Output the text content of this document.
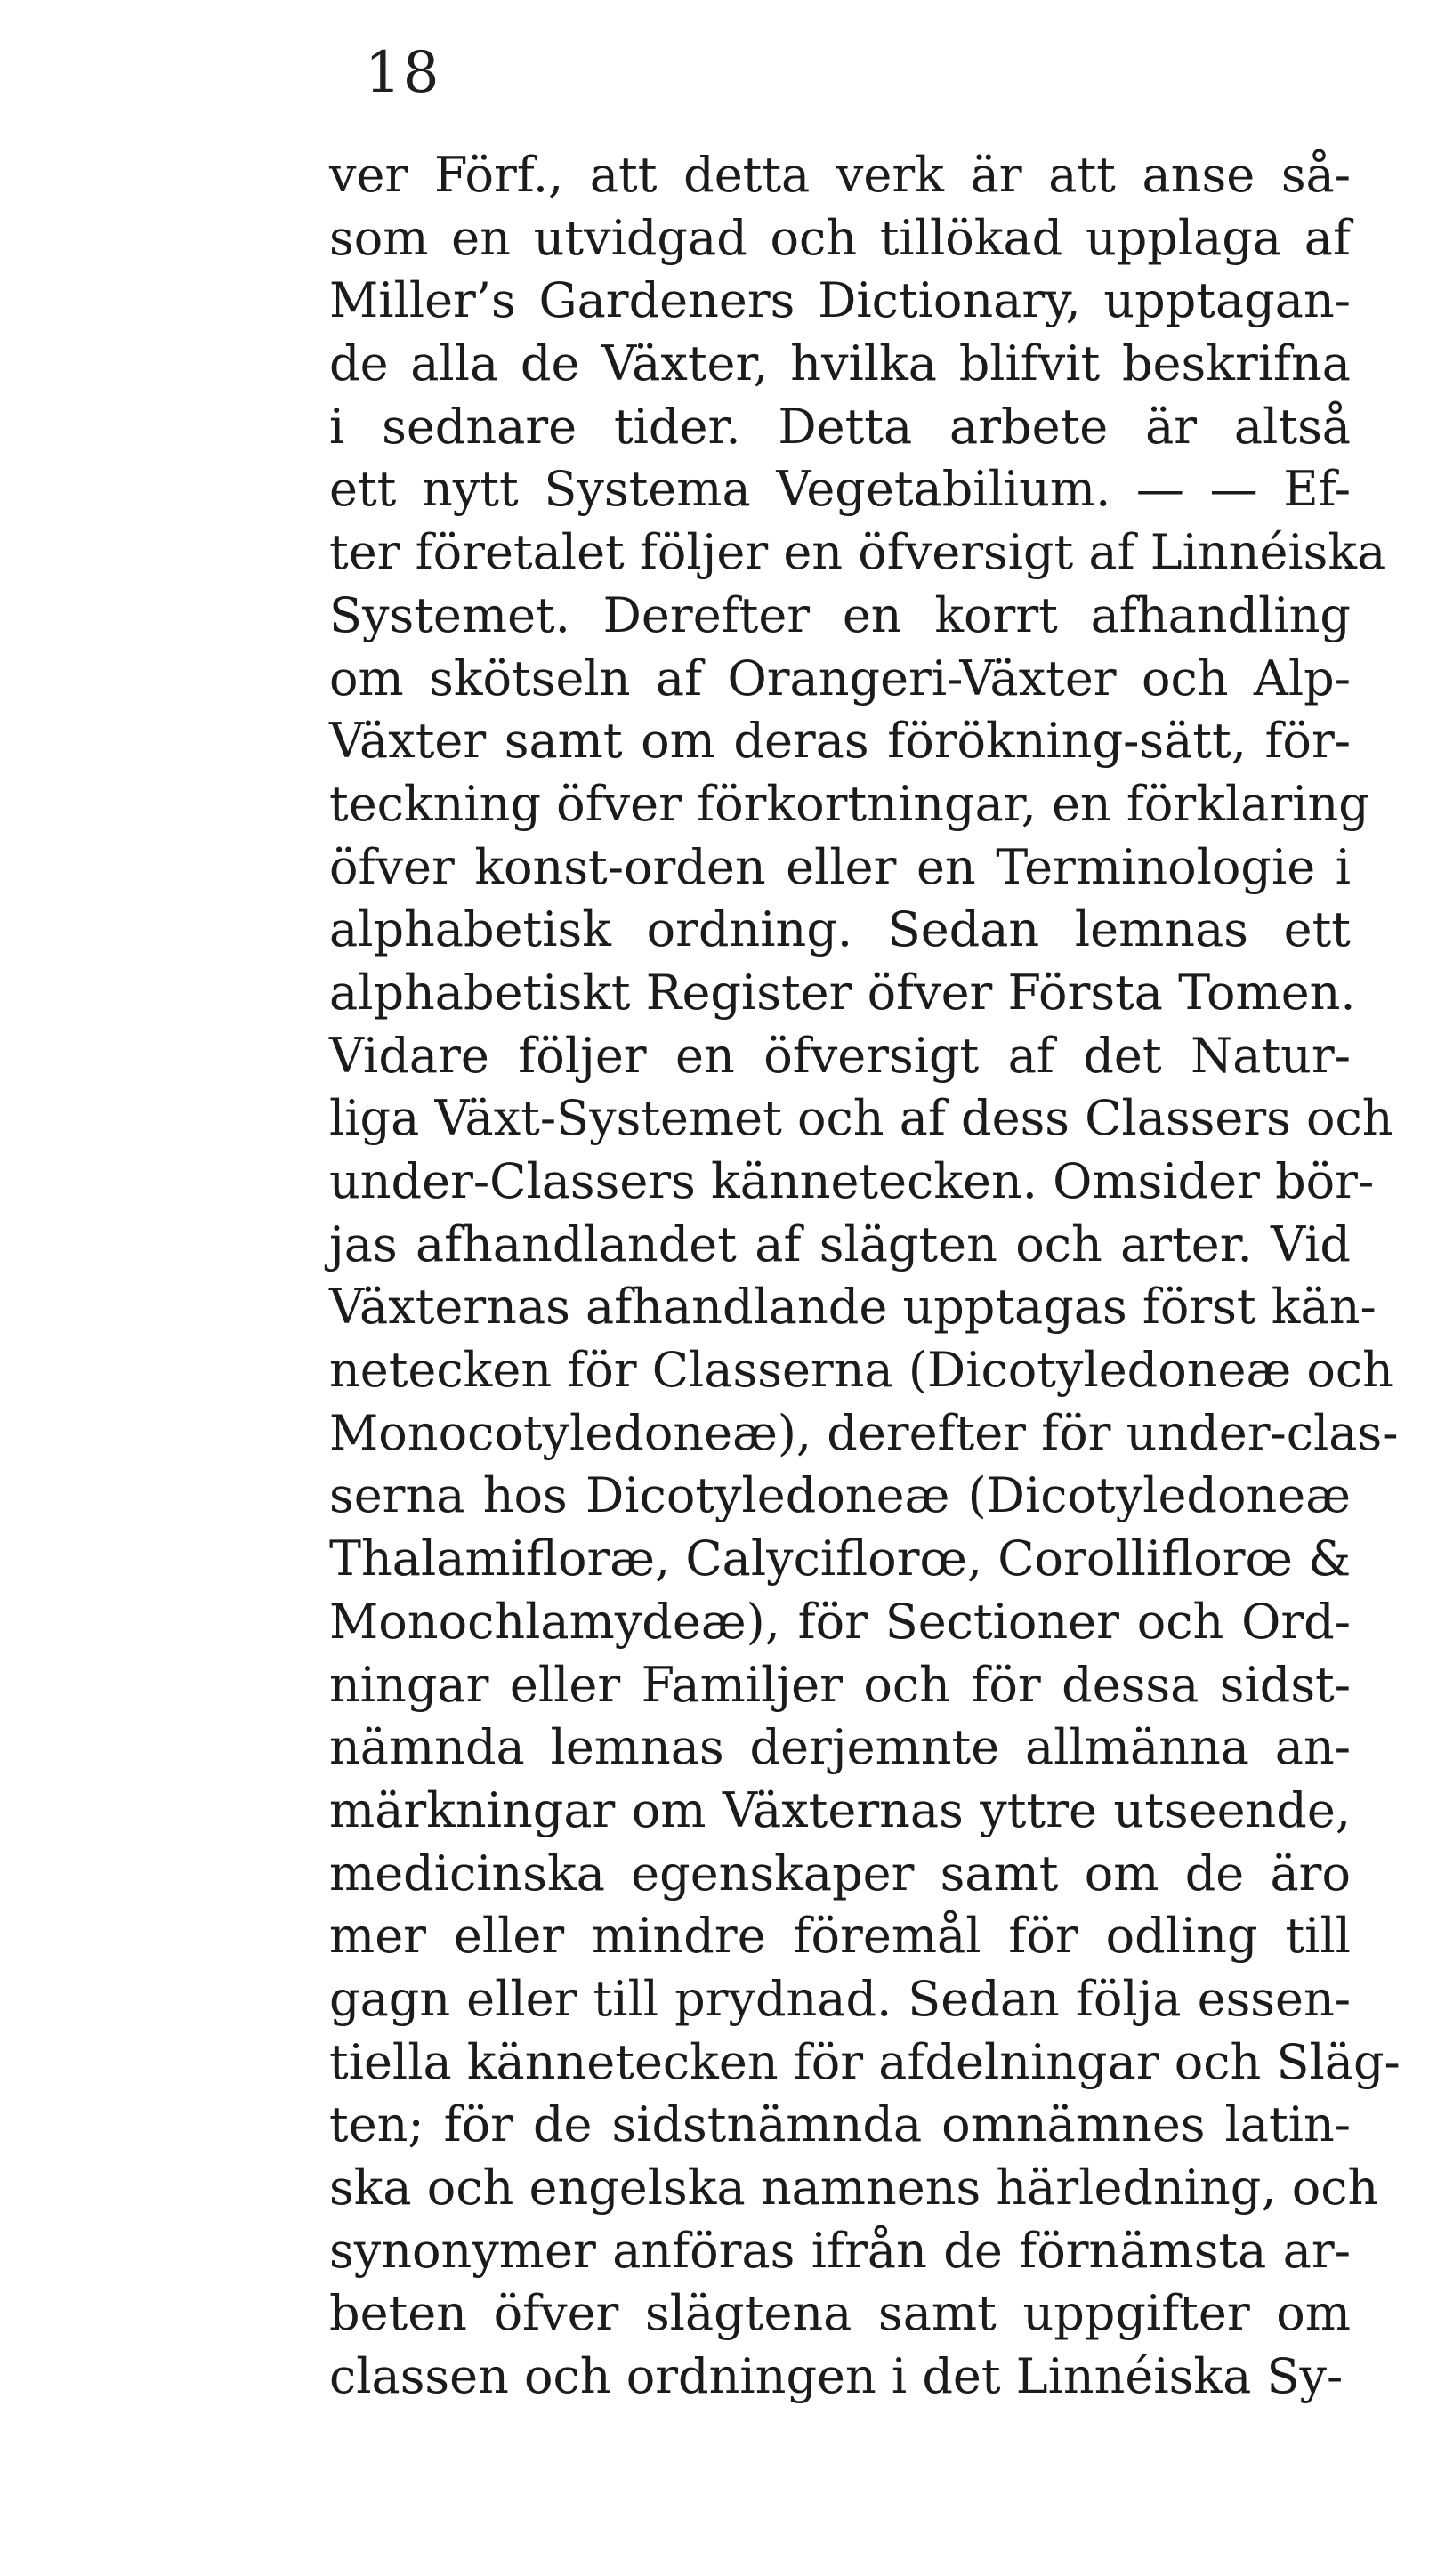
18
ver Förf., att detta verk är att anse så-
som en utvidgad och tillökad upplaga af
Miller’s Gardeners Dictionary, upptagan-
de alla de Växter, hvilka blifvit beskrifna
i sednare tider. Detta arbete är altså
ett nytt Systema Vegetabilium. — — Ef-
ter företalet följer en öfversigt af Linnéiska
Systemet. Derefter en korrt afhandling
om skötseln af Orangeri-Växter och Alp-
Växter samt om deras förökning-sätt, för-
teckning öfver förkortningar, en förklaring
öfver konst-orden eller en Terminologie i
alphabetisk ordning. Sedan lemnas ett
alphabetiskt Register öfver Första Tomen.
Vidare följer en öfversigt af det Natur-
liga Växt-Systemet och af dess Classers och
under-Classers kännetecken. Omsider bör-
jas afhandlandet af slägten och arter. Vid
Växternas afhandlande upptagas först kän-
netecken för Classerna (Dicotyledoneæ och
Monocotyledoneæ), derefter för under-clas-
serna hos Dicotyledoneæ (Dicotyledoneæ
Thalamifloræ, Calyciflorœ, Corolliflorœ &
Monochlamydeæ), för Sectioner och Ord-
ningar eller Familjer och för dessa sidst-
nämnda lemnas derjemnte allmänna an-
märkningar om Växternas yttre utseende,
medicinska egenskaper samt om de äro
mer eller mindre föremål för odling till
gagn eller till prydnad. Sedan följa essen-
tiella kännetecken för afdelningar och Släg-
ten; för de sidstnämnda omnämnes latin-
ska och engelska namnens härledning, och
synonymer anföras ifrån de förnämsta ar-
beten öfver slägtena samt uppgifter om
classen och ordningen i det Linnéiska Sy-
